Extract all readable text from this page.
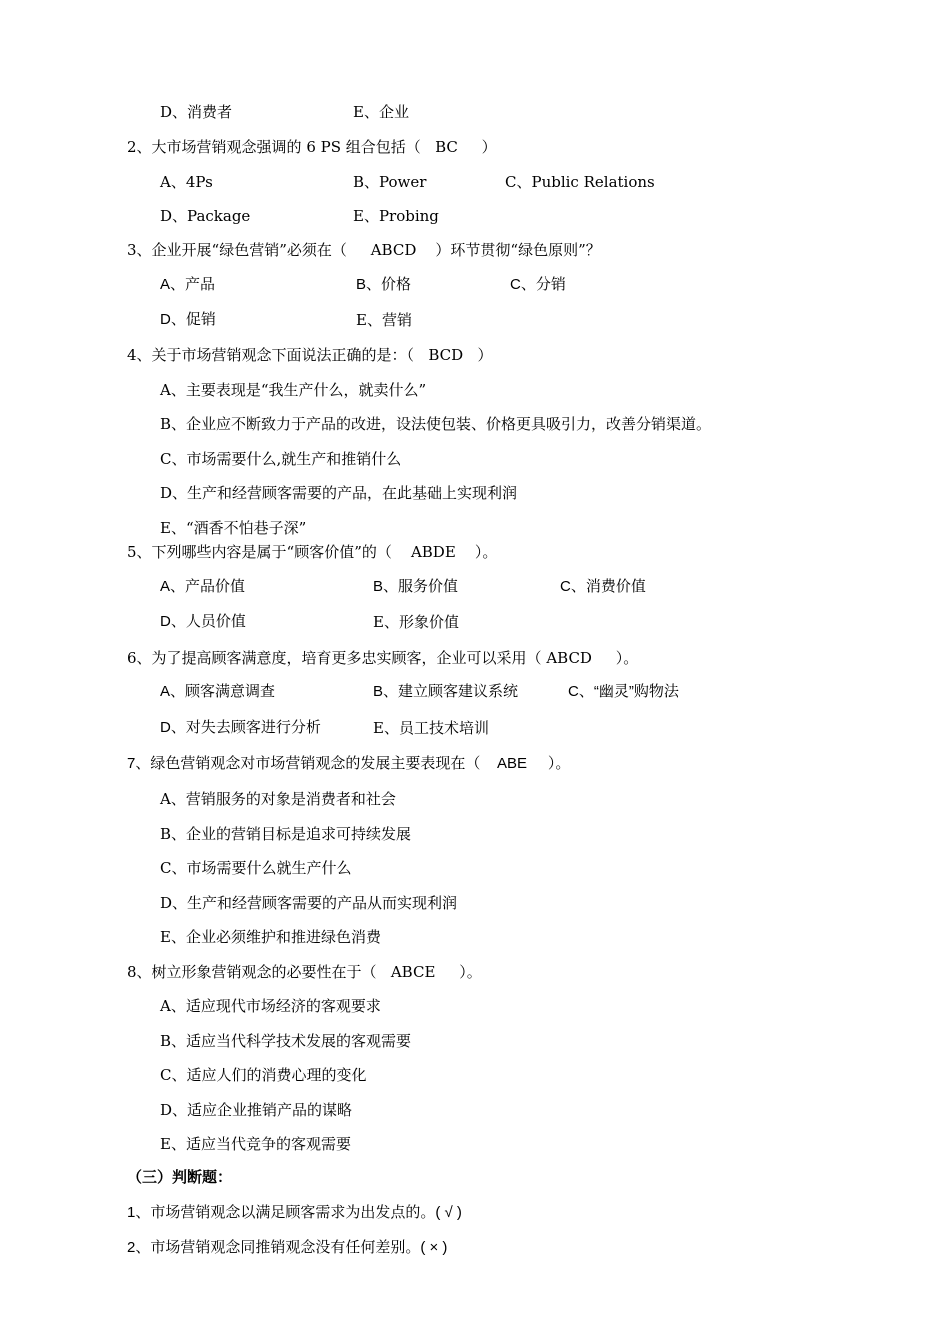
D、消费者	E、企业
2、大市场营销观念强调的 6 PS 组合包括（   BC     ）
A、4Ps	B、Power	C、Public Relations
D、Package	E、Probing
3、企业开展“绿色营销”必须在（     ABCD    ）环节贯彻“绿色原则”？
A、产品	B、价格	C、分销
D、促销	E、营销
4、关于市场营销观念下面说法正确的是：（   BCD   ）
A、主要表现是“我生产什么，就卖什么”
B、企业应不断致力于产品的改进，设法使包装、价格更具吸引力，改善分销渠道。
C、市场需要什么,就生产和推销什么
D、生产和经营顾客需要的产品，在此基础上实现利润
E、“酒香不怕巷子深”
5、下列哪些内容是属于“顾客价值”的（    ABDE    ）。
A、产品价值	B、服务价值	C、消费价值
D、人员价值	E、形象价值
6、为了提高顾客满意度，培育更多忠实顾客，企业可以采用（ ABCD     ）。
A、顾客满意调查	B、建立顾客建议系统	C、“幽灵”购物法
D、对失去顾客进行分析	E、员工技术培训
7、绿色营销观念对市场营销观念的发展主要表现在（    ABE     ）。
A、营销服务的对象是消费者和社会
B、企业的营销目标是追求可持续发展
C、市场需要什么就生产什么
D、生产和经营顾客需要的产品从而实现利润
E、企业必须维护和推进绿色消费
8、树立形象营销观念的必要性在于（   ABCE     ）。
A、适应现代市场经济的客观要求
B、适应当代科学技术发展的客观需要
C、适应人们的消费心理的变化
D、适应企业推销产品的谋略
E、适应当代竞争的客观需要
（三）判断题：
1、市场营销观念以满足顾客需求为出发点的。( √ )
2、市场营销观念同推销观念没有任何差别。( × )
